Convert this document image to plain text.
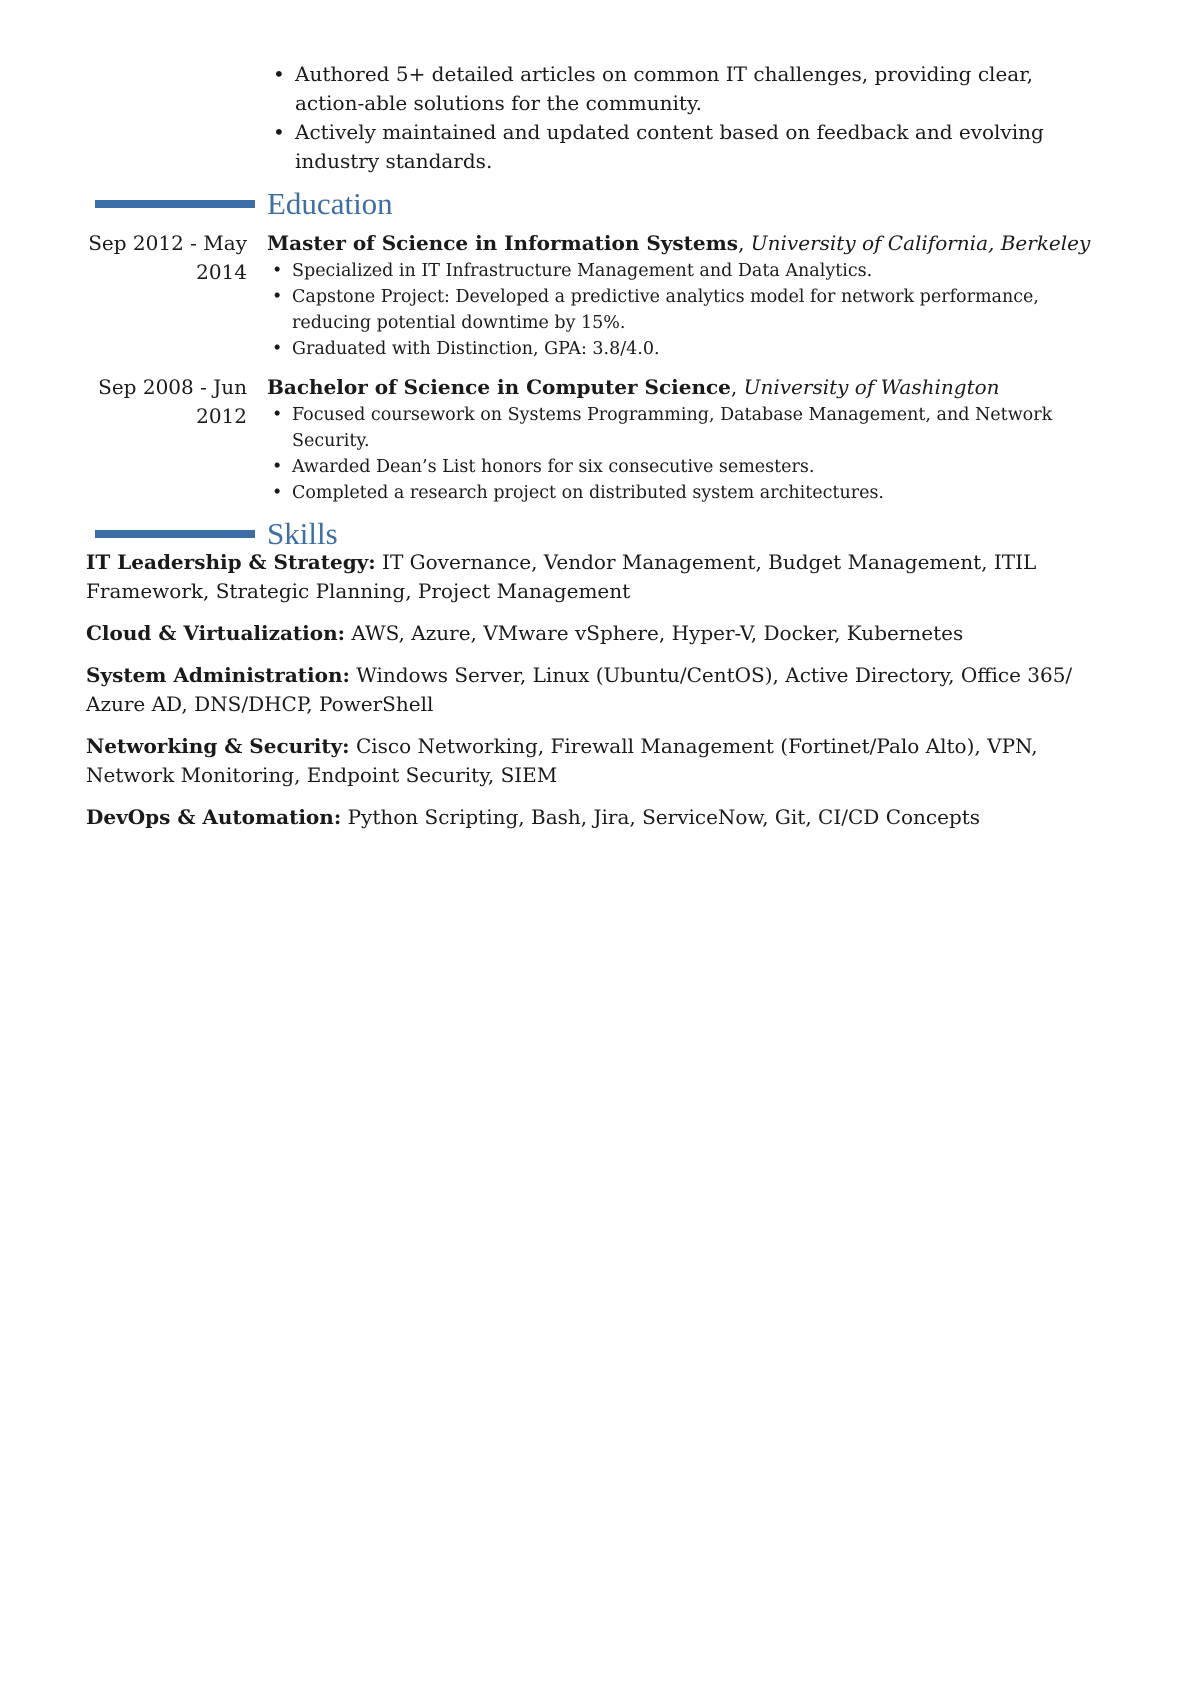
• Authored 5+ detailed articles on common IT challenges, providing clear, action-able solutions for the community.
• Actively maintained and updated content based on feedback and evolving industry standards.
Education
Sep 2012 - May
2014
Master of Science in Information Systems, University of California, Berkeley
• Specialized in IT Infrastructure Management and Data Analytics.
• Capstone Project: Developed a predictive analytics model for network performance, reducing potential downtime by 15%.
• Graduated with Distinction, GPA: 3.8/4.0.
Sep 2008 - Jun
2012
Bachelor of Science in Computer Science, University of Washington
• Focused coursework on Systems Programming, Database Management, and Network Security.
• Awarded Dean’s List honors for six consecutive semesters.
• Completed a research project on distributed system architectures.
Skills
IT Leadership & Strategy: IT Governance, Vendor Management, Budget Management, ITIL Framework, Strategic Planning, Project Management
Cloud & Virtualization: AWS, Azure, VMware vSphere, Hyper-V, Docker, Kubernetes
System Administration: Windows Server, Linux (Ubuntu/CentOS), Active Directory, Office 365/ Azure AD, DNS/DHCP, PowerShell
Networking & Security: Cisco Networking, Firewall Management (Fortinet/Palo Alto), VPN, Network Monitoring, Endpoint Security, SIEM
DevOps & Automation: Python Scripting, Bash, Jira, ServiceNow, Git, CI/CD Concepts
